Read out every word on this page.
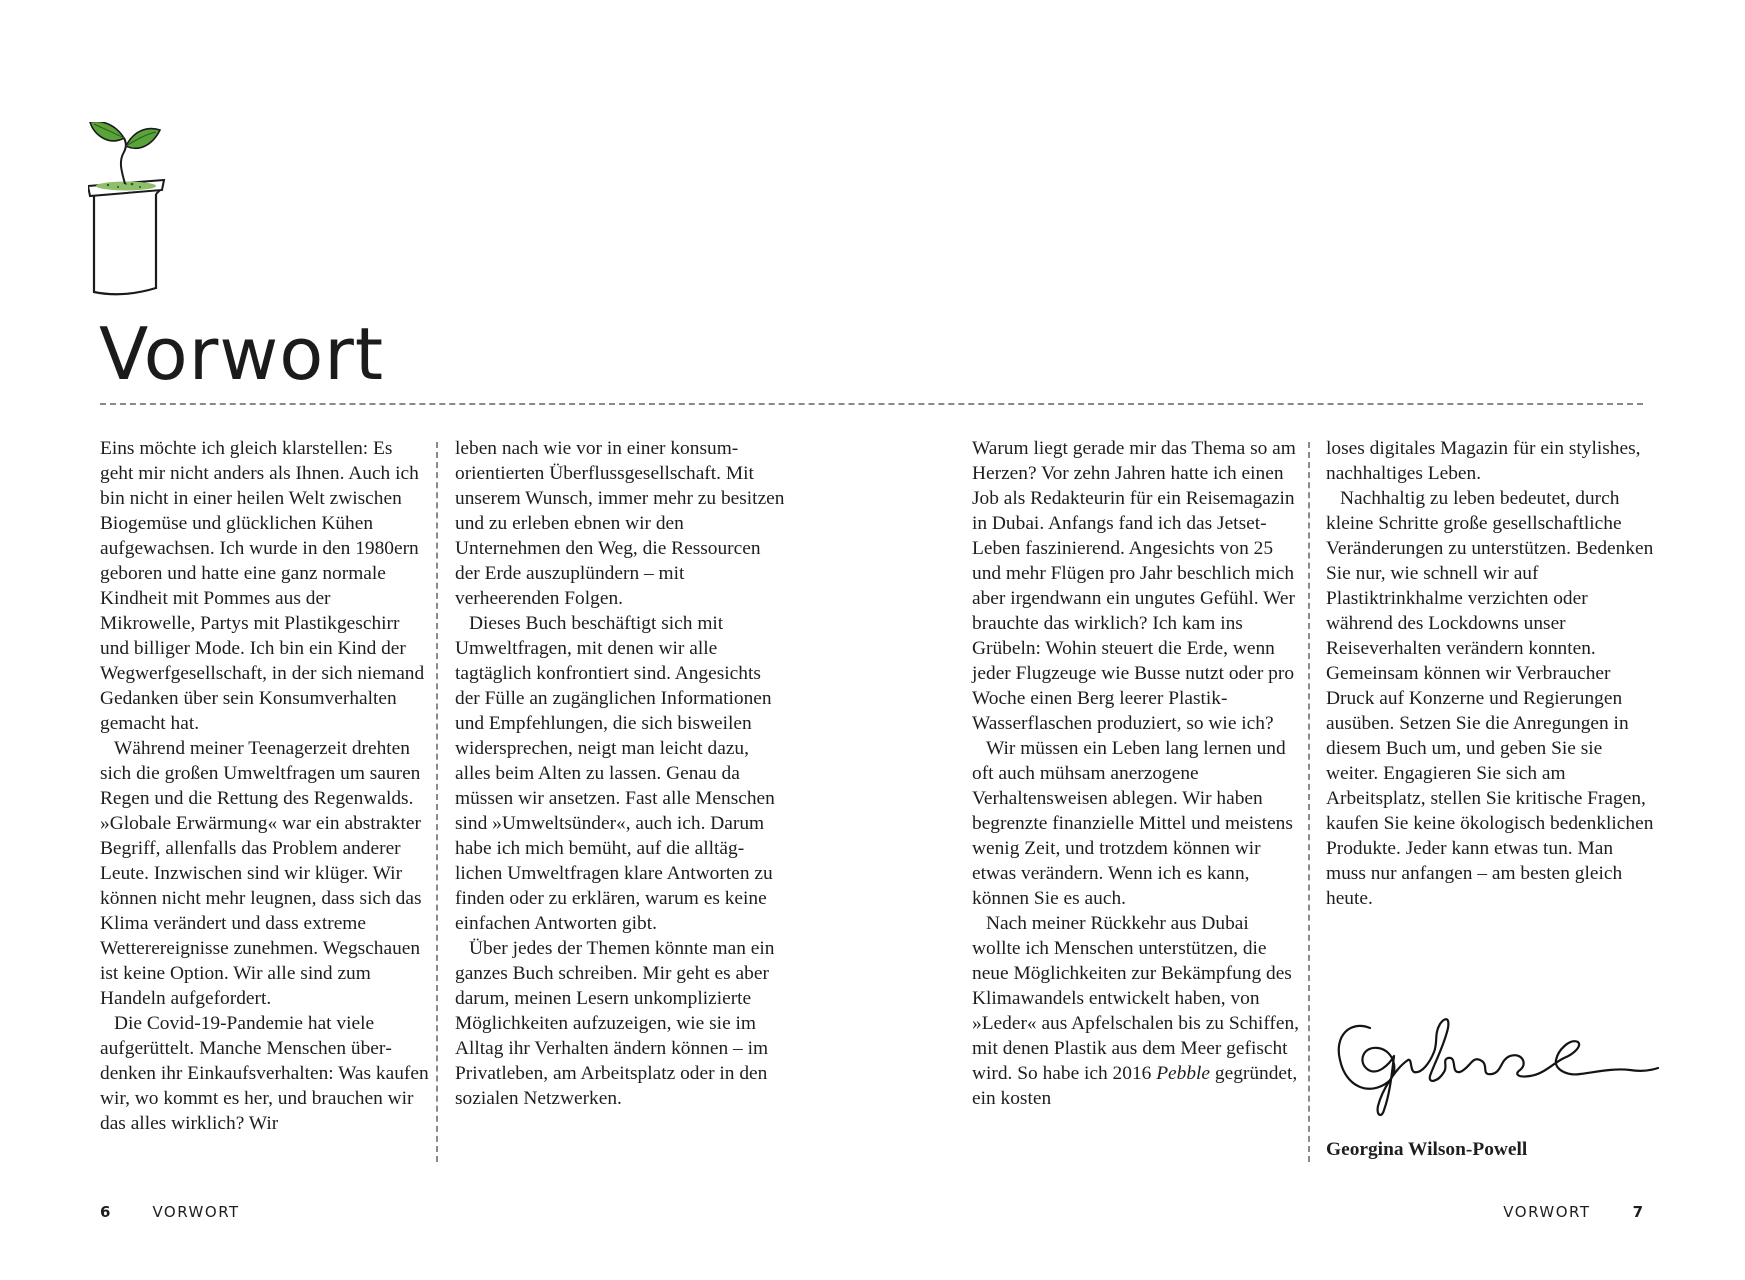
Vorwort

Eins möchte ich gleich klarstellen: Es geht mir nicht anders als Ihnen. Auch ich bin nicht in einer heilen Welt zwischen Biogemüse und glücklichen Kühen aufgewachsen. Ich wurde in den 1980ern geboren und hatte eine ganz normale Kindheit mit Pommes aus der Mikrowelle, Partys mit Plastikgeschirr und billiger Mode. Ich bin ein Kind der Wegwerfgesellschaft, in der sich niemand Gedanken über sein Konsumverhalten gemacht hat.

Während meiner Teenagerzeit drehten sich die großen Umweltfragen um sauren Regen und die Rettung des Regenwalds. »Globale Erwärmung« war ein abstrakter Begriff, allenfalls das Problem anderer Leute. Inzwischen sind wir klüger. Wir können nicht mehr leugnen, dass sich das Klima verändert und dass extreme Wetterereignisse zunehmen. Wegschauen ist keine Option. Wir alle sind zum Handeln aufgefordert.

Die Covid-19-Pandemie hat viele aufgerüttelt. Manche Menschen überdenken ihr Einkaufsverhalten: Was kaufen wir, wo kommt es her, und brauchen wir das alles wirklich? Wir

leben nach wie vor in einer konsumorientierten Überflussgesellschaft. Mit unserem Wunsch, immer mehr zu besitzen und zu erleben ebnen wir den Unternehmen den Weg, die Ressourcen der Erde auszuplündern – mit verheerenden Folgen.

Dieses Buch beschäftigt sich mit Umweltfragen, mit denen wir alle tagtäglich konfrontiert sind. Angesichts der Fülle an zugänglichen Informationen und Empfehlungen, die sich bisweilen widersprechen, neigt man leicht dazu, alles beim Alten zu lassen. Genau da müssen wir ansetzen. Fast alle Menschen sind »Umweltsünder«, auch ich. Darum habe ich mich bemüht, auf die alltäglichen Umweltfragen klare Antworten zu finden oder zu erklären, warum es keine einfachen Antworten gibt.

Über jedes der Themen könnte man ein ganzes Buch schreiben. Mir geht es aber darum, meinen Lesern unkomplizierte Möglichkeiten aufzuzeigen, wie sie im Alltag ihr Verhalten ändern können – im Privatleben, am Arbeitsplatz oder in den sozialen Netzwerken.

Warum liegt gerade mir das Thema so am Herzen? Vor zehn Jahren hatte ich einen Job als Redakteurin für ein Reisemagazin in Dubai. Anfangs fand ich das Jetset-Leben faszinierend. Angesichts von 25 und mehr Flügen pro Jahr beschlich mich aber irgendwann ein ungutes Gefühl. Wer brauchte das wirklich? Ich kam ins Grübeln: Wohin steuert die Erde, wenn jeder Flugzeuge wie Busse nutzt oder pro Woche einen Berg leerer Plastik-Wasserflaschen produziert, so wie ich?

Wir müssen ein Leben lang lernen und oft auch mühsam anerzogene Verhaltensweisen ablegen. Wir haben begrenzte finanzielle Mittel und meistens wenig Zeit, und trotzdem können wir etwas verändern. Wenn ich es kann, können Sie es auch.

Nach meiner Rückkehr aus Dubai wollte ich Menschen unterstützen, die neue Möglichkeiten zur Bekämpfung des Klimawandels entwickelt haben, von »Leder« aus Apfelschalen bis zu Schiffen, mit denen Plastik aus dem Meer gefischt wird. So habe ich 2016 Pebble gegründet, ein kosten

loses digitales Magazin für ein stylishes, nachhaltiges Leben.

Nachhaltig zu leben bedeutet, durch kleine Schritte große gesellschaftliche Veränderungen zu unterstützen. Bedenken Sie nur, wie schnell wir auf Plastiktrinkhalme verzichten oder während des Lockdowns unser Reiseverhalten verändern konnten. Gemeinsam können wir Verbraucher Druck auf Konzerne und Regierungen ausüben. Setzen Sie die Anregungen in diesem Buch um, und geben Sie sie weiter. Engagieren Sie sich am Arbeitsplatz, stellen Sie kritische Fragen, kaufen Sie keine ökologisch bedenklichen Produkte. Jeder kann etwas tun. Man muss nur anfangen – am besten gleich heute.

Georgina Wilson-Powell
6	VORWORT	VORWORT	7
